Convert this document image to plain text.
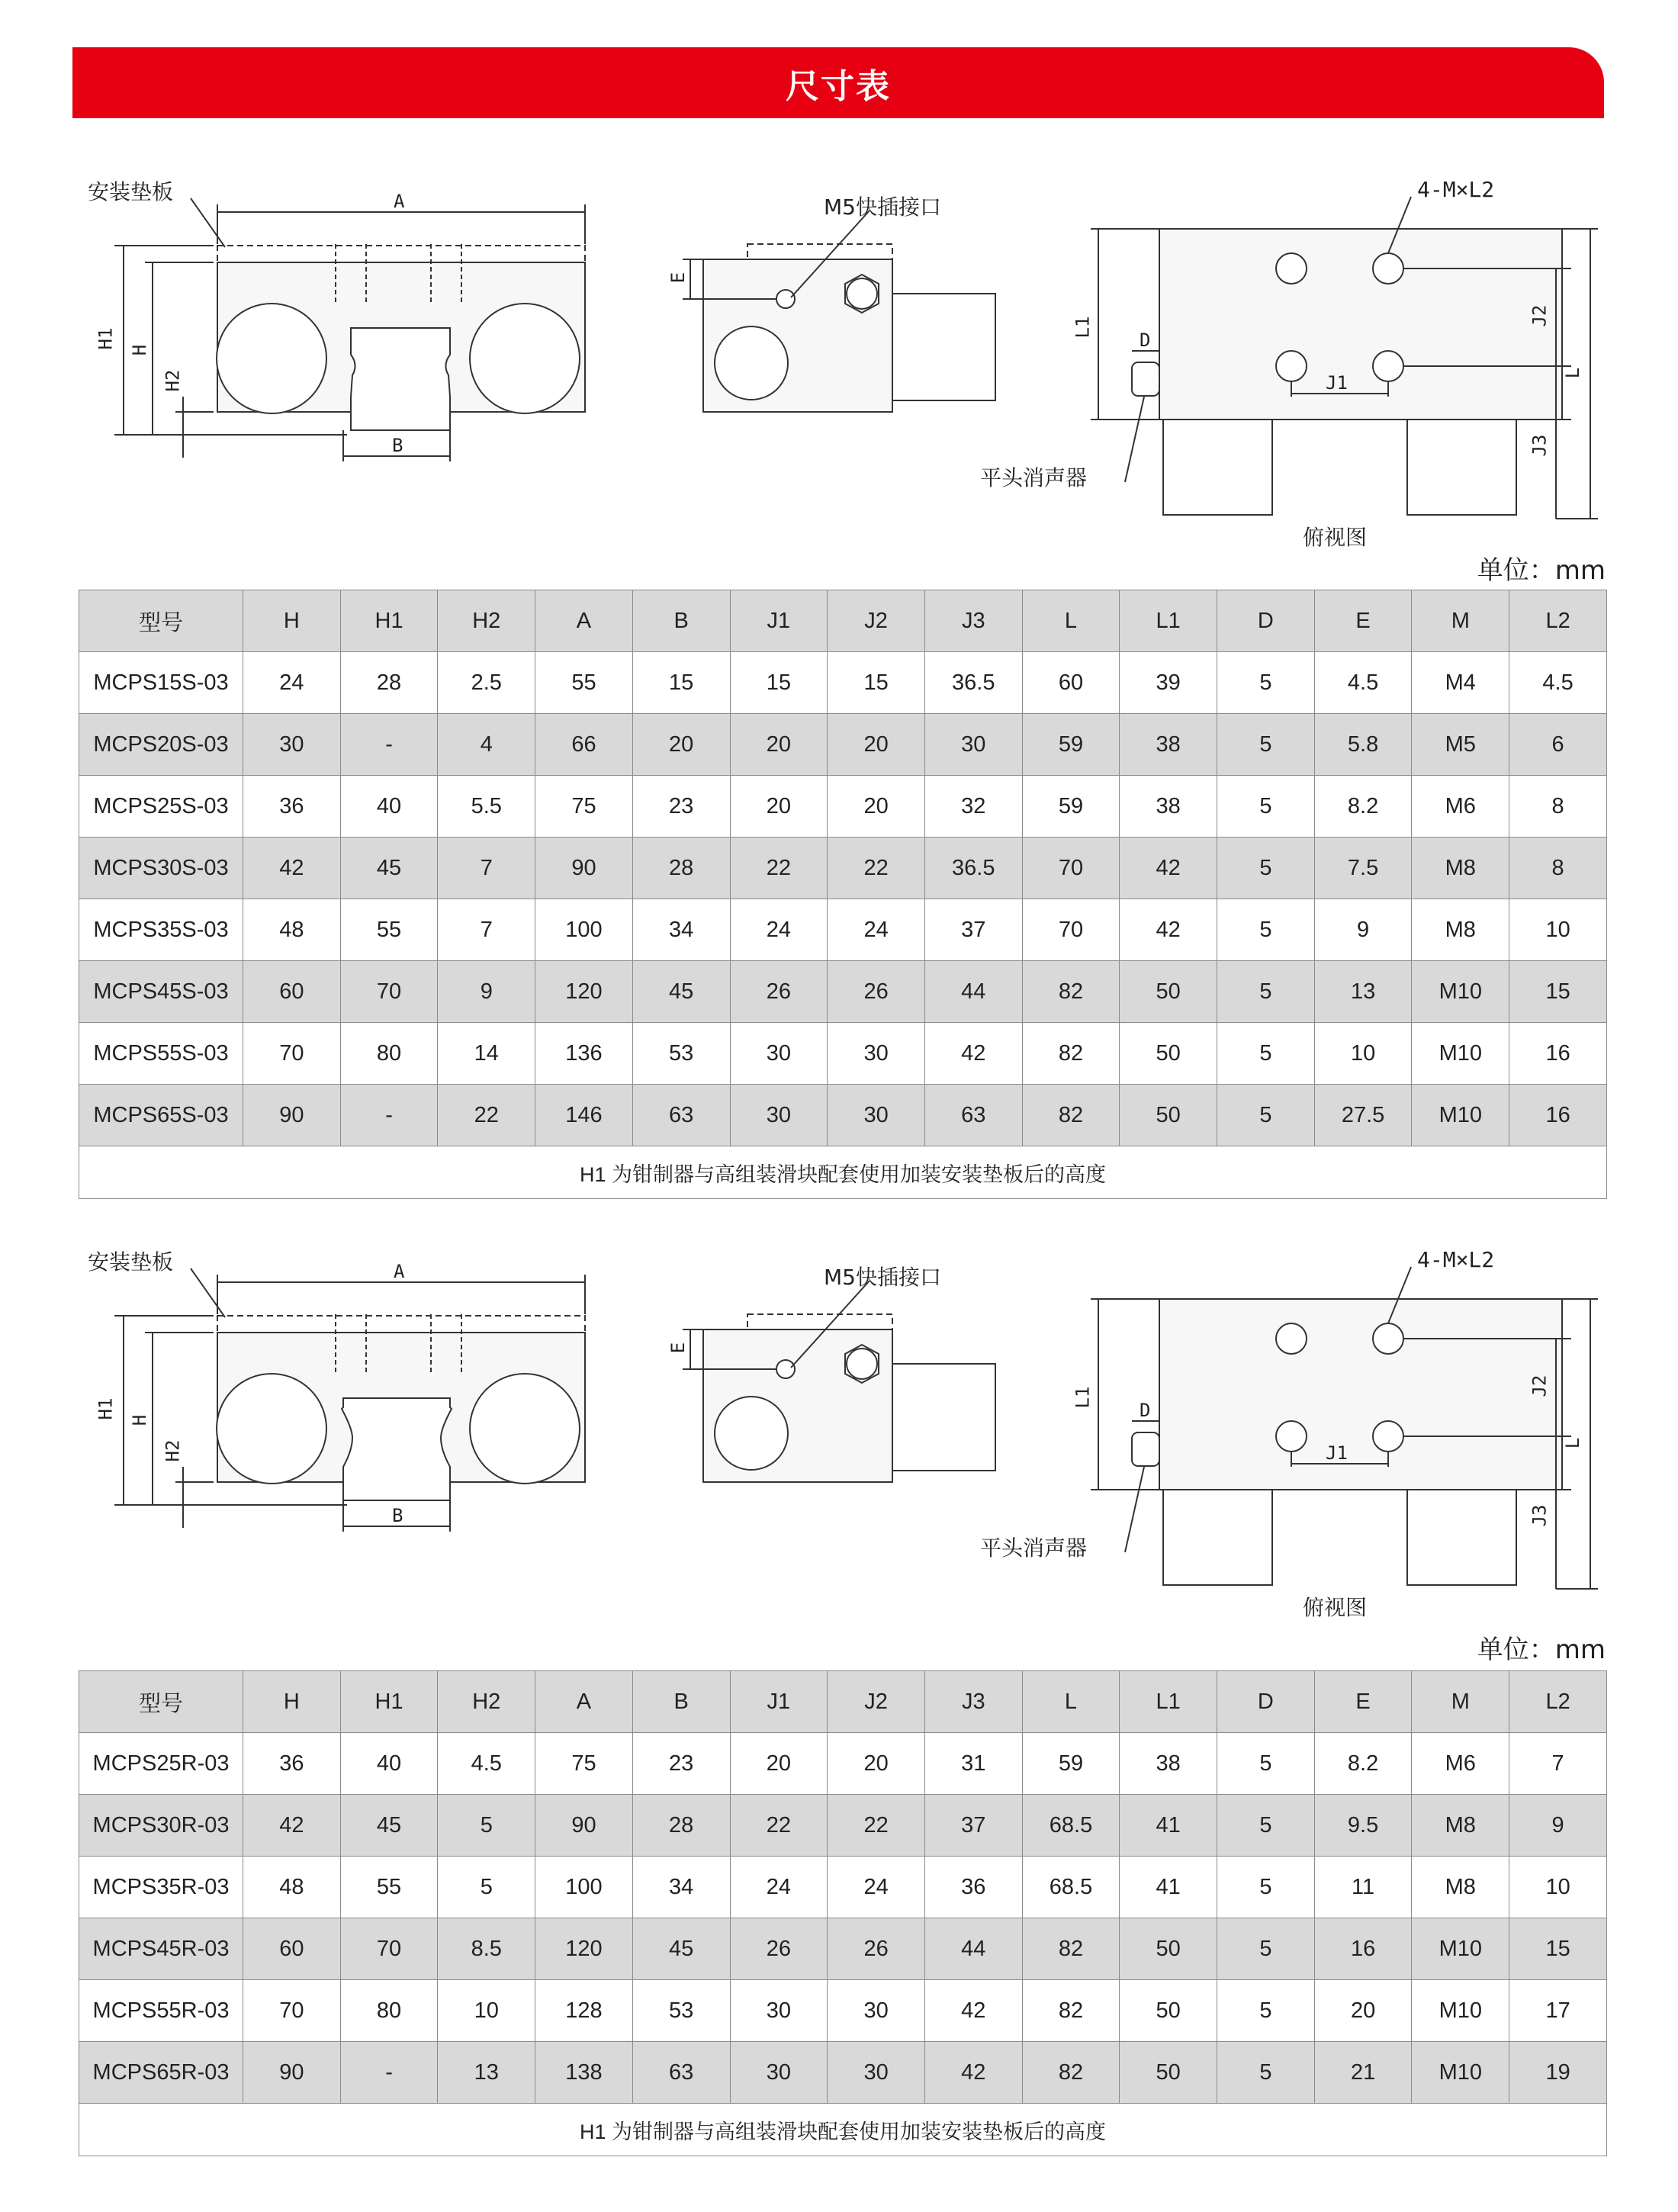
尺寸表
安装垫板	A
H1
H
H2
B
M5快插接口
E
4-M×L2
L1
D
J1
J2
L
J3
平头消声器
俯视图
单位：mm
型号	H	H1	H2	A	B	J1	J2	J3	L	L1	D	E	M	L2
MCPS15S-03	24	28	2.5	55	15	15	15	36.5	60	39	5	4.5	M4	4.5
MCPS20S-03	30	-	4	66	20	20	20	30	59	38	5	5.8	M5	6
MCPS25S-03	36	40	5.5	75	23	20	20	32	59	38	5	8.2	M6	8
MCPS30S-03	42	45	7	90	28	22	22	36.5	70	42	5	7.5	M8	8
MCPS35S-03	48	55	7	100	34	24	24	37	70	42	5	9	M8	10
MCPS45S-03	60	70	9	120	45	26	26	44	82	50	5	13	M10	15
MCPS55S-03	70	80	14	136	53	30	30	42	82	50	5	10	M10	16
MCPS65S-03	90	-	22	146	63	30	30	63	82	50	5	27.5	M10	16
H1 为钳制器与高组装滑块配套使用加装安装垫板后的高度														
安装垫板	A
H1
H
H2
B
M5快插接口
E
4-M×L2
L1
D
J1
J2
L
J3
平头消声器
俯视图
单位：mm
型号	H	H1	H2	A	B	J1	J2	J3	L	L1	D	E	M	L2
MCPS25R-03	36	40	4.5	75	23	20	20	31	59	38	5	8.2	M6	7
MCPS30R-03	42	45	5	90	28	22	22	37	68.5	41	5	9.5	M8	9
MCPS35R-03	48	55	5	100	34	24	24	36	68.5	41	5	11	M8	10
MCPS45R-03	60	70	8.5	120	45	26	26	44	82	50	5	16	M10	15
MCPS55R-03	70	80	10	128	53	30	30	42	82	50	5	20	M10	17
MCPS65R-03	90	-	13	138	63	30	30	42	82	50	5	21	M10	19
H1 为钳制器与高组装滑块配套使用加装安装垫板后的高度														
